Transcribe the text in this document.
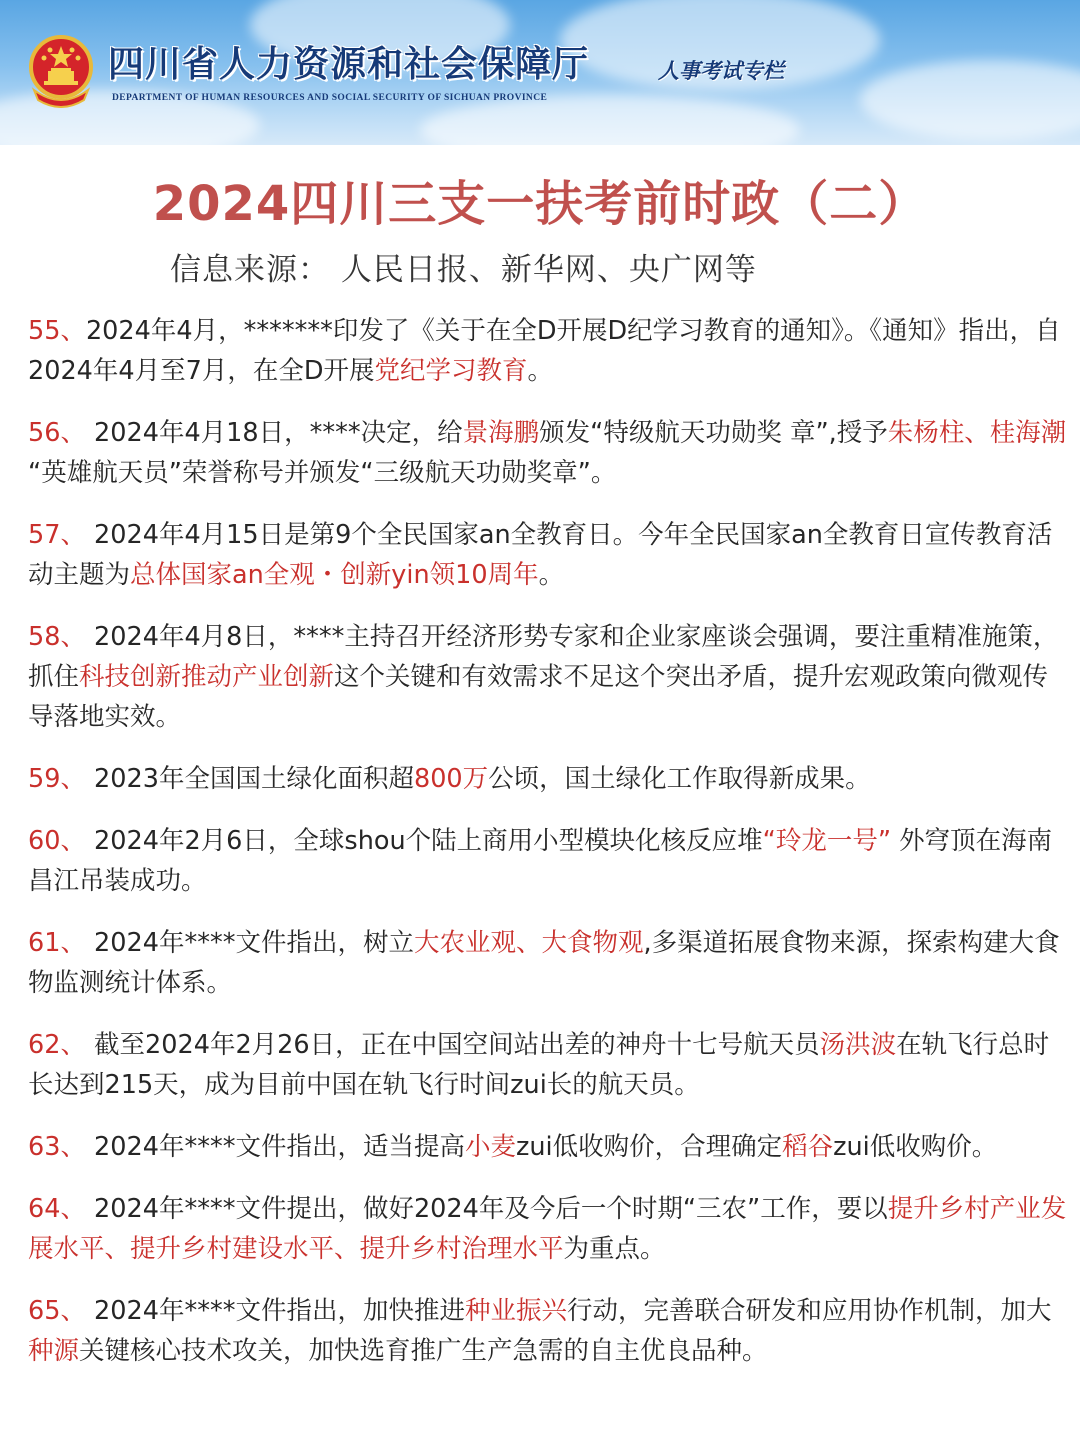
四川省人力资源和社会保障厅
DEPARTMENT OF HUMAN RESOURCES AND SOCIAL SECURITY OF SICHUAN PROVINCE
人事考试专栏
2024四川三支一扶考前时政（二）
信息来源： 人民日报、新华网、央广网等
55、2024年4月，*******印发了《关于在全D开展D纪学习教育的通知》。《通知》指出，自2024年4月至7月，在全D开展党纪学习教育。
56、 2024年4月18日，****决定，给景海鹏颁发“特级航天功勋奖 章”,授予朱杨柱、桂海潮 “英雄航天员”荣誉称号并颁发“三级航天功勋奖章”。
57、 2024年4月15日是第9个全民国家an全教育日。今年全民国家an全教育日宣传教育活动主题为总体国家an全观・创新yin领10周年。
58、 2024年4月8日，****主持召开经济形势专家和企业家座谈会强调，要注重精准施策， 抓住科技创新推动产业创新这个关键和有效需求不足这个突出矛盾，提升宏观政策向微观传导落地实效。
59、 2023年全国国土绿化面积超800万公顷，国土绿化工作取得新成果。
60、 2024年2月6日，全球shou个陆上商用小型模块化核反应堆“玲龙一号” 外穹顶在海南昌江吊装成功。
61、 2024年****文件指出，树立大农业观、大食物观,多渠道拓展食物来源，探索构建大食物监测统计体系。
62、 截至2024年2月26日，正在中国空间站出差的神舟十七号航天员汤洪波在轨飞行总时长达到215天，成为目前中国在轨飞行时间zui长的航天员。
63、 2024年****文件指出，适当提高小麦zui低收购价，合理确定稻谷zui低收购价。
64、 2024年****文件提出，做好2024年及今后一个时期“三农”工作，要以提升乡村产业发展水平、提升乡村建设水平、提升乡村治理水平为重点。
65、 2024年****文件指出，加快推进种业振兴行动，完善联合研发和应用协作机制，加大种源关键核心技术攻关，加快选育推广生产急需的自主优良品种。
